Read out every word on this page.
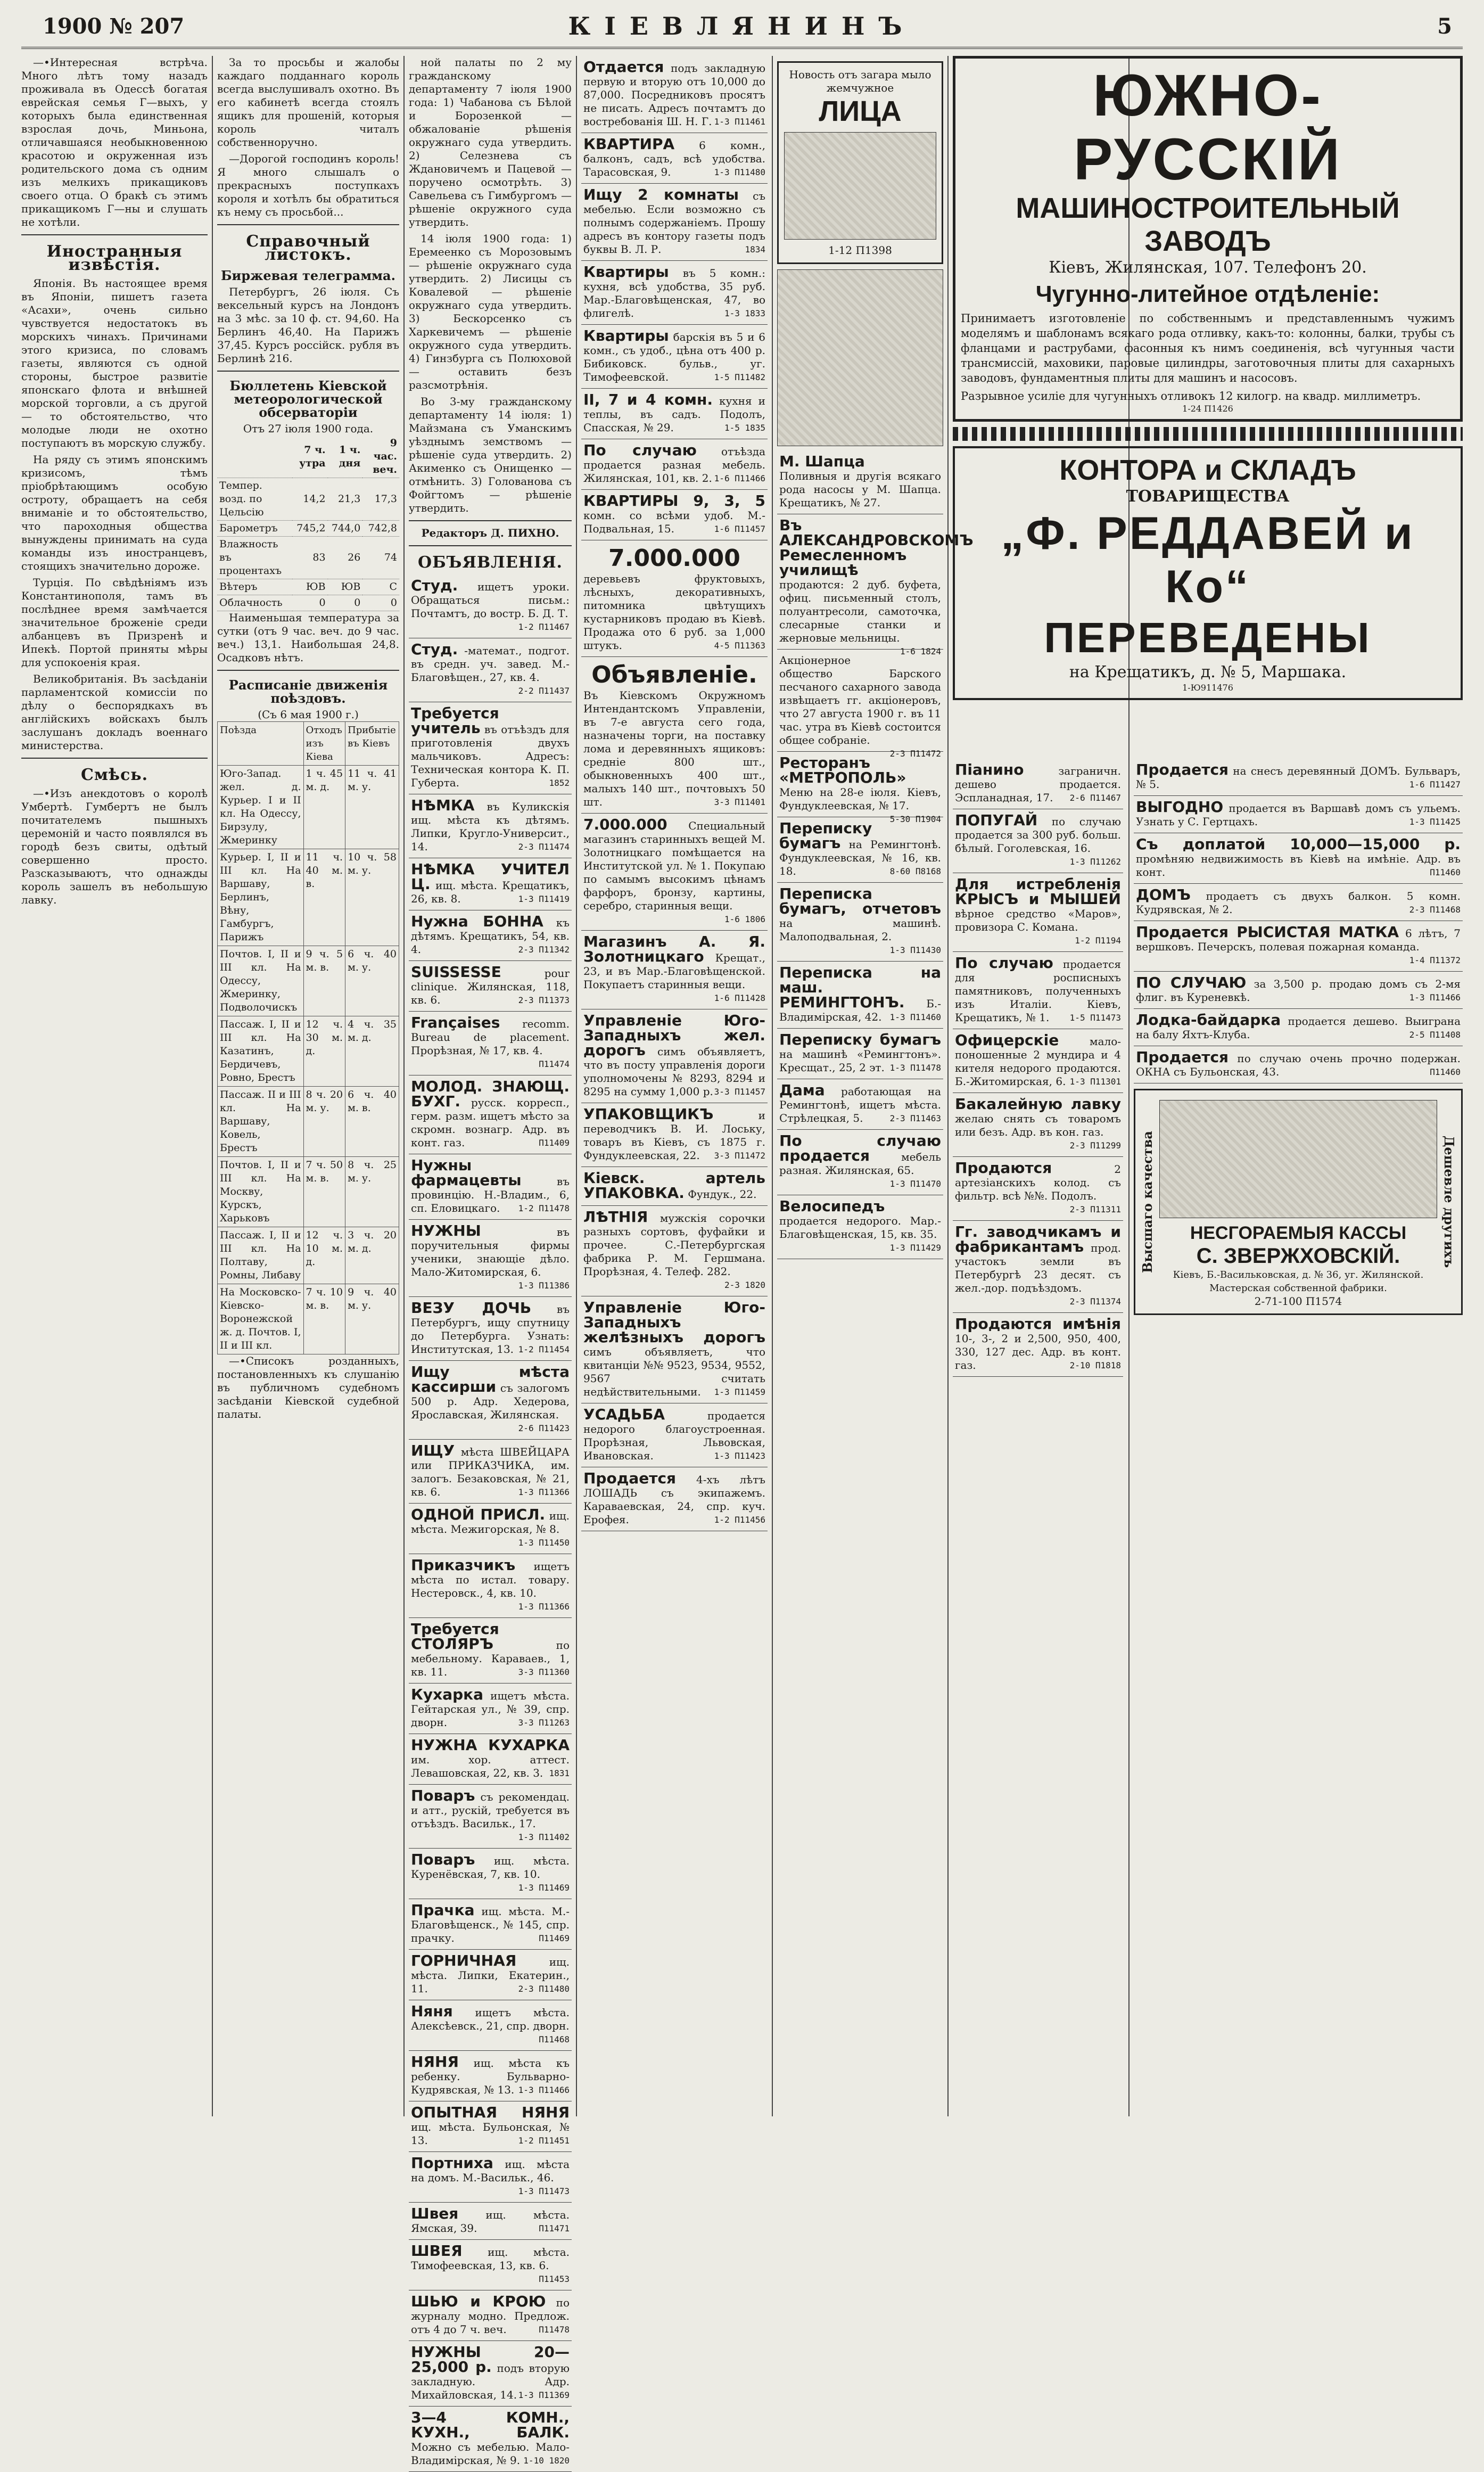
1900 № 207	КІЕВЛЯНИНЪ	5

—•Интересная встрѣча. Много лѣтъ тому назадъ проживала въ Одессѣ богатая еврейская семья Г—выхъ, у которыхъ была единственная взрослая дочь, Миньона, отличавшаяся необыкновенною красотою и окруженная изъ родительского дома съ одним изъ мелкихъ прикащиковъ своего отца. О бракѣ съ этимъ прикащикомъ Г—ны и слушать не хотѣли.

Иностранныя извѣстія.

Японія. Въ настоящее время въ Японіи, пишетъ газета «Асахи», очень сильно чувствуется недостатокъ въ морскихъ чинахъ. Причинами этого кризиса, по словамъ газеты, являются съ одной стороны, быстрое развитіе японскаго флота и внѣшней морской торговли, а съ другой — то обстоятельство, что молодые люди не охотно поступаютъ въ морскую службу.

На ряду съ этимъ японскимъ кризисомъ, тѣмъ пріобрѣтающимъ особую остроту, обращаетъ на себя вниманіе и то обстоятельство, что пароходныя общества вынуждены принимать на суда команды изъ иностранцевъ, стоящихъ значительно дороже.

Турція. По свѣдѣніямъ изъ Константинополя, тамъ въ послѣднее время замѣчается значительное броженіе среди албанцевъ въ Призренѣ и Ипекѣ. Портой приняты мѣры для успокоенія края.

Великобританія. Въ засѣданіи парламентской комиссіи по дѣлу о беспорядкахъ въ англійскихъ войскахъ былъ заслушанъ докладъ военнаго министерства.

Смѣсь.

—•Изъ анекдотовъ о королѣ Умбертѣ. Гумбертъ не былъ почитателемъ пышныхъ церемоній и часто появлялся въ городѣ безъ свиты, одѣтый совершенно просто. Разсказываютъ, что однажды король зашелъ въ небольшую лавку.

За то просьбы и жалобы каждаго подданнаго король всегда выслушивалъ охотно. Въ его кабинетѣ всегда стоялъ ящикъ для прошеній, которыя король читалъ собственноручно.

—Дорогой господинъ король! Я много слышалъ о прекрасныхъ поступкахъ короля и хотѣлъ бы обратиться къ нему съ просьбой...

Справочный листокъ.
Биржевая телеграмма.

Петербургъ, 26 іюля. Съ вексельный курсъ на Лондонъ на 3 мѣс. за 10 ф. ст. 94,60. На Берлинъ 46,40. На Парижъ 37,45. Курсъ россійск. рубля въ Берлинѣ 216.

Бюллетень Кіевской метеорологической обсерваторіи
Отъ 27 іюля 1900 года.
	7 ч. утра	1 ч. дня	9 час. веч.
Темпер. возд. по Цельсію	14,2	21,3	17,3
Барометръ	745,2	744,0	742,8
Влажность въ процентахъ	83	26	74
Вѣтеръ	ЮВ	ЮВ	С
Облачность	0	0	0

Наименьшая температура за сутки (отъ 9 час. веч. до 9 час. веч.) 13,1. Наибольшая 24,8. Осадковъ нѣтъ.

Расписаніе движенія поѣздовъ.
(Съ 6 мая 1900 г.)
Поѣзда	Отходъ изъ Кіева	Прибытіе въ Кіевъ
Юго-Запад. жел. д. Курьер. I и II кл. На Одессу, Бирзулу, Жмеринку	1 ч. 45 м. д.	11 ч. 41 м. у.
Курьер. I, II и III кл. На Варшаву, Берлинъ, Вѣну, Гамбургъ, Парижъ	11 ч. 40 м. в.	10 ч. 58 м. у.
Почтов. I, II и III кл. На Одессу, Жмеринку, Подволочискъ	9 ч. 5 м. в.	6 ч. 40 м. у.
Пассаж. I, II и III кл. На Казатинъ, Бердичевъ, Ровно, Брестъ	12 ч. 30 м. д.	4 ч. 35 м. д.
Пассаж. II и III кл. На Варшаву, Ковель, Брестъ	8 ч. 20 м. у.	6 ч. 40 м. в.
Почтов. I, II и III кл. На Москву, Курскъ, Харьковъ	7 ч. 50 м. в.	8 ч. 25 м. у.
Пассаж. I, II и III кл. На Полтаву, Ромны, Либаву	12 ч. 10 м. д.	3 ч. 20 м. д.
На Московско-Кіевско-Воронежской ж. д. Почтов. I, II и III кл.	7 ч. 10 м. в.	9 ч. 40 м. у.

—•Списокъ розданныхъ, постановленныхъ къ слушанію въ публичномъ судебномъ засѣданіи Кіевской судебной палаты.

ной палаты по 2 му гражданскому департаменту 7 іюля 1900 года: 1) Чабанова съ Бѣлой и Борозенкой — обжалованіе рѣшенія окружнаго суда утвердить. 2) Селезнева съ Ждановичемъ и Пацевой — поручено осмотрѣть. 3) Савельева съ Гимбургомъ — рѣшеніе окружного суда утвердить.

14 іюля 1900 года: 1) Еремеенко съ Морозовымъ — рѣшеніе окружнаго суда утвердить. 2) Лисицы съ Ковалевой — рѣшеніе окружнаго суда утвердить. 3) Бескорсенко съ Харкевичемъ — рѣшеніе окружного суда утвердить. 4) Гинзбурга съ Полюховой — оставить безъ разсмотрѣнія.

Во 3-му гражданскому департаменту 14 іюля: 1) Майзмана съ Уманскимъ уѣзднымъ земствомъ — рѣшеніе суда утвердить. 2) Акименко съ Онищенко — отмѣнить. 3) Голованова съ Фойгтомъ — рѣшеніе утвердить.

Редакторъ Д. ПИХНО.
ОБЪЯВЛЕНІЯ.
Студ. ищетъ уроки. Обращаться письм.: Почтамтъ, до востр. Б. Д. Т.
1-2 П11467
Студ. -математ., подгот. въ средн. уч. завед. М.-Благовѣщен., 27, кв. 4.
2-2 П11437
Требуется учитель въ отъѣздъ для приготовленія двухъ мальчиковъ. Адресъ: Техническая контора К. П. Губерта.	1852
НѢМКА въ Куликскія ищ. мѣста къ дѣтямъ. Липки, Кругло-Университ., 14.	2-3 П11474
НѢМКА УЧИТЕЛ Ц. ищ. мѣста. Крещатикъ, 26, кв. 8.	1-3 П11419
Нужна БОННА къ дѣтямъ. Крещатикъ, 54, кв. 4.	2-3 П11342
SUISSESSE	pour clinique. Жилянская, 118, кв. 6.	2-3 П11373
Françaises recomm. Bureau de placement. Прорѣзная, № 17, кв. 4.
П11474
МОЛОД. ЗНАЮЩ. БУХГ. русск. корресп., герм. разм. ищетъ мѣсто за скромн. вознагр. Адр. въ конт. газ.	П11409
Нужны фармацевты	въ провинцію. Н.-Владим., 6, сп. Еловицкаго. 1-2 П11478
НУЖНЫ	въ поручительныя фирмы ученики, знающіе дѣло. Мало-Житомирская, 6.
1-3 П11386
ВЕЗУ ДОЧЬ въ Петербургъ, ищу спутницу до Петербурга. Узнать: Институтская, 13. 1-2 П11454
Ищу мѣста кассирши съ залогомъ 500 р. Адр. Хедерова, Ярославская, Жилянская.
2-6 П11423
ИЩУ мѣста ШВЕЙЦАРА или ПРИКАЗЧИКА, им. залогъ. Безаковская, № 21, кв. 6.	1-3 П11366
ОДНОЙ ПРИСЛ. ищ. мѣста. Межигорская, № 8.
1-3 П11450
Приказчикъ ищетъ мѣста по истал. товару. Нестеровск., 4, кв. 10.
1-3 П11366
Требуется СТОЛЯРЪ	по мебельному. Караваев., 1, кв. 11.	3-3 П11360
Кухарка ищетъ мѣста. Гейтарская ул., № 39, спр. дворн.	3-3 П11263
НУЖНА КУХАРКА им. хор. аттест. Левашовская, 22, кв. 3. 1831
Поваръ съ рекомендац. и атт., рускій, требуется въ отъѣздъ. Васильк., 17.
1-3 П11402
Поваръ ищ. мѣста. Куренёвская, 7, кв. 10.
1-3 П11469
Прачка ищ. мѣста. М.-Благовѣщенск., № 145, спр. прачку.	П11469
ГОРНИЧНАЯ	ищ. мѣста. Липки, Екатерин., 11.	2-3 П11480
Няня ищетъ мѣста. Алексѣевск., 21, спр. дворн.
П11468
НЯНЯ ищ. мѣста къ ребенку. Бульварно-Кудрявская, № 13. 1-3 П11466
ОПЫТНАЯ НЯНЯ ищ. мѣста. Бульонская, № 13.	1-2 П11451
Портниха ищ. мѣста на домъ. М.-Васильк., 46.
1-3 П11473
Швея	ищ. мѣста. Ямская, 39.	П11471
ШВЕЯ ищ. мѣста. Тимофеевская, 13, кв. 6.
П11453
ШЬЮ и КРОЮ по журналу модно. Предлож. отъ 4 до 7 ч. веч.	П11478
НУЖНЫ 20—25,000 р. подъ вторую закладную. Адр. Михайловская, 14. 1-3 П11369
3—4 КОМН., КУХН., БАЛК. Можно съ мебелью. Мало-Владимірская, № 9. 1-10 1820
Отдается подъ закладную первую и вторую отъ 10,000 до 87,000. Посредниковъ просятъ не писать. Адресъ почтамтъ до востребованія Ш. Н. Г. 1-3 П11461
КВАРТИРА 6 комн., балконъ, садъ, всѣ удобства. Тарасовская, 9.	1-3 П11480
Ищу 2 комнаты съ мебелью. Если возможно съ полнымъ содержаніемъ. Прошу адресъ въ контору газеты подъ буквы В. Л. Р.	1834
Квартиры въ 5 комн.: кухня, всѣ удобства, 35 руб. Мар.-Благовѣщенская, 47, во флигелѣ.	1-3 1833
Квартиры барскія въ 5 и 6 комн., съ удоб., цѣна отъ 400 р. Бибиковск. бульв., уг. Тимофеевской.	1-5 П11482
II, 7 и 4 комн. кухня и теплы, въ садъ. Подолъ, Спасская, № 29.	1-5 1835
По случаю отъѣзда продается разная мебель. Жилянская, 101, кв. 2. 1-6 П11466
КВАРТИРЫ 9, 3, 5 комн. со всѣми удоб. М.-Подвальная, 15.	1-6 П11457
7.000.000
деревьевъ фруктовыхъ, лѣсныхъ, декоративныхъ, питомника цвѣтущихъ кустарниковъ продаю въ Кіевѣ. Продажа ото 6 руб. за 1,000 штукъ.	4-5 П11363
Объявленіе.
Въ Кіевскомъ Окружномъ Интендантскомъ Управленіи, въ 7-е августа сего года, назначены торги, на поставку лома и деревянныхъ ящиковъ: средніе 800 шт., обыкновенныхъ 400 шт., малыхъ 140 шт., почтовыхъ 50 шт.	3-3 П11401
7.000.000 Специальный магазинъ старинныхъ вещей М. Золотницкаго помѣщается на Институтской ул. № 1. Покупаю по самымъ высокимъ цѣнамъ фарфоръ, бронзу, картины, серебро, старинныя вещи.
1-6 1806
Магазинъ А. Я. Золотницкаго Крещат., 23, и въ Мар.-Благовѣщенской. Покупаетъ старинныя вещи.
1-6 П11428
Управленіе Юго-Западныхъ жел. дорогъ симъ объявляетъ, что въ посту управленія дороги уполномочены № 8293, 8294 и 8295 на сумму 1,000 р. 3-3 П11457
УПАКОВЩИКЪ	и переводчикъ В. И. Лоську, товаръ въ Кіевъ, съ 1875 г. Фундуклеевская, 22. 3-3 П11472
Кіевск. артель УПАКОВКА. Фундук., 22.
ЛѢТНІЯ мужскія сорочки разныхъ сортовъ, фуфайки и прочее. С.-Петербургская фабрика Р. М. Гершмана. Прорѣзная, 4. Телеф. 282.
2-3 1820
Управленіе Юго-Западныхъ желѣзныхъ дорогъ симъ объявляетъ, что квитанціи №№ 9523, 9534, 9552, 9567 считать недѣйствительными. 1-3 П11459
УСАДЬБА	продается недорого благоустроенная. Прорѣзная, Львовская, Ивановская.	1-3 П11423
Продается 4-хъ лѣтъ ЛОШАДЬ съ экипажемъ. Караваевская, 24, спр. куч. Ерофея.	1-2 П11456
Новость отъ загара мыло жемчужное
ЛИЦА
1-12 П1398
М. Шапца
Поливныя и другія всякаго рода насосы у М. Шапца. Крещатикъ, № 27.
Въ АЛЕКСАНДРОВСКОМЪ Ремесленномъ училищѣ
продаются: 2 дуб. буфета, офиц. письменный столъ, полуантресоли, самоточка, слесарные станки и жерновые мельницы.
1-6 1824
Акціонерное общество Барского песчаного сахарного завода извѣщаетъ гг. акціонеровъ, что 27 августа 1900 г. въ 11 час. утра въ Кіевѣ состоится общее собраніе.
2-3 П11472
Ресторанъ «МЕТРОПОЛЬ»
Меню на 28-е іюля. Кіевъ, Фундуклеевская, № 17.
5-30 П1904
Переписку бумагъ на Ремингтонѣ. Фундуклеевская, № 16, кв. 18.	8-60 П8168
Переписка бумагъ, отчетовъ на машинѣ. Малоподвальная, 2.
1-3 П11430
Переписка на маш. РЕМИНГТОНЪ. Б.-Владимірская, 42. 1-3 П11460
Переписку бумагъ на машинѣ «Ремингтонъ». Кресщат., 25, 2 эт. 1-3 П11478
Дама работающая на Ремингтонѣ, ищетъ мѣста. Стрѣлецкая, 5.	2-3 П11463
По случаю продается	мебель разная. Жилянская, 65.
1-3 П11470
Велосипедъ продается недорого. Мар.-Благовѣщенская, 15, кв. 35.
1-3 П11429
Піанино	заграничн. дешево продается. Эспланадная, 17. 2-6 П11467
ПОПУГАЙ по случаю продается за 300 руб. больш. бѣлый. Гоголевская, 16.
1-3 П11262
Для истребленія КРЫСЪ и МЫШЕЙ вѣрное средство «Маров», провизора С. Комана.
1-2 П1194
По случаю продается для росписныхъ памятниковъ, полученныхъ изъ Италіи. Кіевъ, Крещатикъ, № 1. 1-5 П11473
Офицерскіе	мало-поношенные 2 мундира и 4 кителя недорого продаются. Б.-Житомирская, 6. 1-3 П11301
Бакалейную лавку желаю снять съ товаромъ или безъ. Адр. въ кон. газ.
2-3 П11299
Продаются	2 артезіанскихъ колод. съ фильтр. всѣ №№. Подолъ.
2-3 П11311
Гг. заводчикамъ и фабрикантамъ прод. участокъ земли въ Петербургѣ 23 десят. съ жел.-дор. подъѣздомъ.
2-3 П11374
Продаются имѣнія 10-, 3-, 2 и 2,500, 950, 400, 330, 127 дес. Адр. въ конт. газ.	2-10 П1818
Продается на снесъ деревянный ДОМЪ. Бульваръ, № 5.	1-6 П11427
ВЫГОДНО продается въ Варшавѣ домъ съ ульемъ. Узнать у С. Гертцахъ.	1-3 П11425
Съ доплатой 10,000—15,000 р. промѣняю недвижимость въ Кіевѣ на имѣніе. Адр. въ конт.	П11460
ДОМЪ продаетъ съ двухъ балкон. 5 комн. Кудрявская, № 2.	2-3 П11468
Продается РЫСИСТАЯ МАТКА 6 лѣтъ, 7 вершковъ. Печерскъ, полевая пожарная команда.
1-4 П11372
ПО СЛУЧАЮ за 3,500 р. продаю домъ съ 2-мя флиг. въ Куреневкѣ.	1-3 П11466
Лодка-байдарка продается дешево. Выиграна на балу Яхтъ-Клуба.	2-5 П11408
Продается по случаю очень прочно подержан. ОКНА съ Бульонская, 43.	П11460
Высшаго качества	НЕСГОРАЕМЫЯ КАССЫ
С. ЗВЕРЖХОВСКІЙ.
Кіевъ, Б.-Васильковская, д. № 36, уг. Жилянской. Мастерская собственной фабрики.
2-71-100 П1574
Дешевле другихъ
ЮЖНО-РУССКІЙ
МАШИНОСТРОИТЕЛЬНЫЙ ЗАВОДЪ
Кіевъ, Жилянская, 107. Телефонъ 20.
Чугунно-литейное отдѣленіе:
Принимаетъ изготовленіе по собственнымъ и представленнымъ чужимъ моделямъ и шаблонамъ всякаго рода отливку, какъ-то: колонны, балки, трубы съ фланцами и раструбами, фасонныя къ нимъ соединенія, всѣ чугунныя части трансмиссій, маховики, паровые цилиндры, заготовочныя плиты для сахарныхъ заводовъ, фундаментныя плиты для машинъ и насосовъ.
Разрывное усиліе для чугунныхъ отливокъ 12 килогр. на квадр. миллиметръ.
1-24 П1426
КОНТОРА и СКЛАДЪ
ТОВАРИЩЕСТВА
„Ф. РЕДДАВЕЙ и Ко“
ПЕРЕВЕДЕНЫ
на Крещатикъ, д. № 5, Маршака.
1-Ю911476
